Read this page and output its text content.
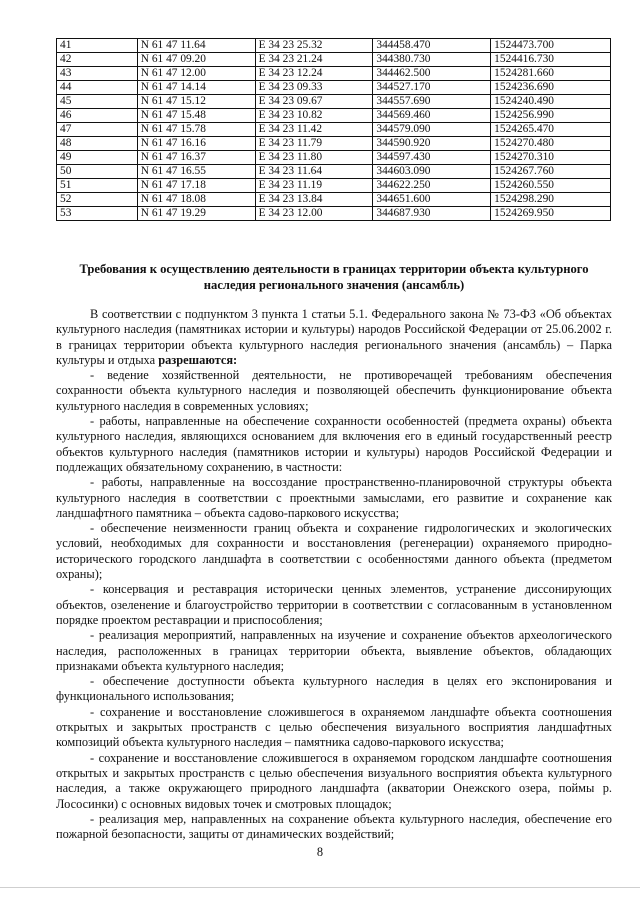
41	N 61 47 11.64	E 34 23 25.32	344458.470	1524473.700
42	N 61 47 09.20	E 34 23 21.24	344380.730	1524416.730
43	N 61 47 12.00	E 34 23 12.24	344462.500	1524281.660
44	N 61 47 14.14	E 34 23 09.33	344527.170	1524236.690
45	N 61 47 15.12	E 34 23 09.67	344557.690	1524240.490
46	N 61 47 15.48	E 34 23 10.82	344569.460	1524256.990
47	N 61 47 15.78	E 34 23 11.42	344579.090	1524265.470
48	N 61 47 16.16	E 34 23 11.79	344590.920	1524270.480
49	N 61 47 16.37	E 34 23 11.80	344597.430	1524270.310
50	N 61 47 16.55	E 34 23 11.64	344603.090	1524267.760
51	N 61 47 17.18	E 34 23 11.19	344622.250	1524260.550
52	N 61 47 18.08	E 34 23 13.84	344651.600	1524298.290
53	N 61 47 19.29	E 34 23 12.00	344687.930	1524269.950
Требования к осуществлению деятельности в границах территории объекта культурного
наследия регионального значения (ансамбль)

В соответствии с подпунктом 3 пункта 1 статьи 5.1. Федерального закона № 73-ФЗ «Об объектах культурного наследия (памятниках истории и культуры) народов Российской Федерации от 25.06.2002 г. в границах территории объекта культурного наследия регионального значения (ансамбль) – Парка культуры и отдыха разрешаются:

- ведение хозяйственной деятельности, не противоречащей требованиям обеспечения сохранности объекта культурного наследия и позволяющей обеспечить функционирование объекта культурного наследия в современных условиях;

- работы, направленные на обеспечение сохранности особенностей (предмета охраны) объекта культурного наследия, являющихся основанием для включения его в единый государственный реестр объектов культурного наследия (памятников истории и культуры) народов Российской Федерации и подлежащих обязательному сохранению, в частности:

- работы, направленные на воссоздание пространственно-планировочной структуры объекта культурного наследия в соответствии с проектными замыслами, его развитие и сохранение как ландшафтного памятника – объекта садово-паркового искусства;

- обеспечение неизменности границ объекта и сохранение гидрологических и экологических условий, необходимых для сохранности и восстановления (регенерации) охраняемого природно-исторического городского ландшафта в соответствии с особенностями данного объекта (предметом охраны);

- консервация и реставрация исторически ценных элементов, устранение диссонирующих объектов, озеленение и благоустройство территории в соответствии с согласованным в установленном порядке проектом реставрации и приспособления;

- реализация мероприятий, направленных на изучение и сохранение объектов археологического наследия, расположенных в границах территории объекта, выявление объектов, обладающих признаками объекта культурного наследия;

- обеспечение доступности объекта культурного наследия в целях его экспонирования и функционального использования;

- сохранение и восстановление сложившегося в охраняемом ландшафте объекта соотношения открытых и закрытых пространств с целью обеспечения визуального восприятия ландшафтных композиций объекта культурного наследия – памятника садово-паркового искусства;

- сохранение и восстановление сложившегося в охраняемом городском ландшафте соотношения открытых и закрытых пространств с целью обеспечения визуального восприятия объекта культурного наследия, а также окружающего природного ландшафта (акватории Онежского озера, поймы р. Лососинки) с основных видовых точек и смотровых площадок;

- реализация мер, направленных на сохранение объекта культурного наследия, обеспечение его пожарной безопасности, защиты от динамических воздействий;

8
